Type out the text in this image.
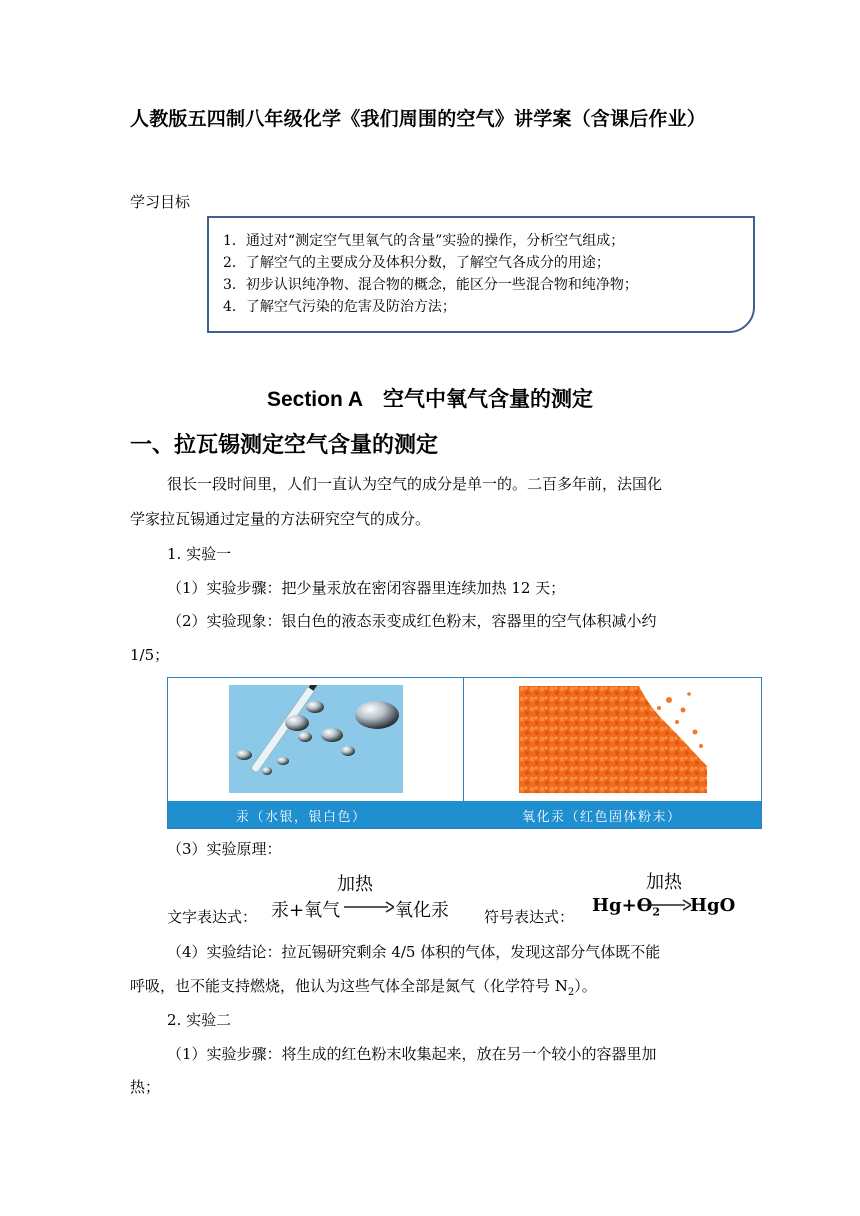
人教版五四制八年级化学《我们周围的空气》讲学案（含课后作业）
学习目标
1．通过对“测定空气里氧气的含量”实验的操作，分析空气组成；
2．了解空气的主要成分及体积分数，了解空气各成分的用途；
3．初步认识纯净物、混合物的概念，能区分一些混合物和纯净物；
4．了解空气污染的危害及防治方法；
Section A 空气中氧气含量的测定
一、拉瓦锡测定空气含量的测定
很长一段时间里，人们一直认为空气的成分是单一的。二百多年前，法国化
学家拉瓦锡通过定量的方法研究空气的成分。
1. 实验一
（1）实验步骤：把少量汞放在密闭容器里连续加热 12 天；
（2）实验现象：银白色的液态汞变成红色粉末，容器里的空气体积减小约
1/5；
汞（水银，银白色）	氧化汞（红色固体粉末）
（3）实验原理：
文字表达式：
加热
汞+氧气 → 氧化汞 符号表达式：
加热
$Hg+O_2$ → HgO
（4）实验结论：拉瓦锡研究剩余 4/5 体积的气体，发现这部分气体既不能
呼吸，也不能支持燃烧，他认为这些气体全部是氮气（化学符号 $N_2$）。
2. 实验二
（1）实验步骤：将生成的红色粉末收集起来，放在另一个较小的容器里加
热；
